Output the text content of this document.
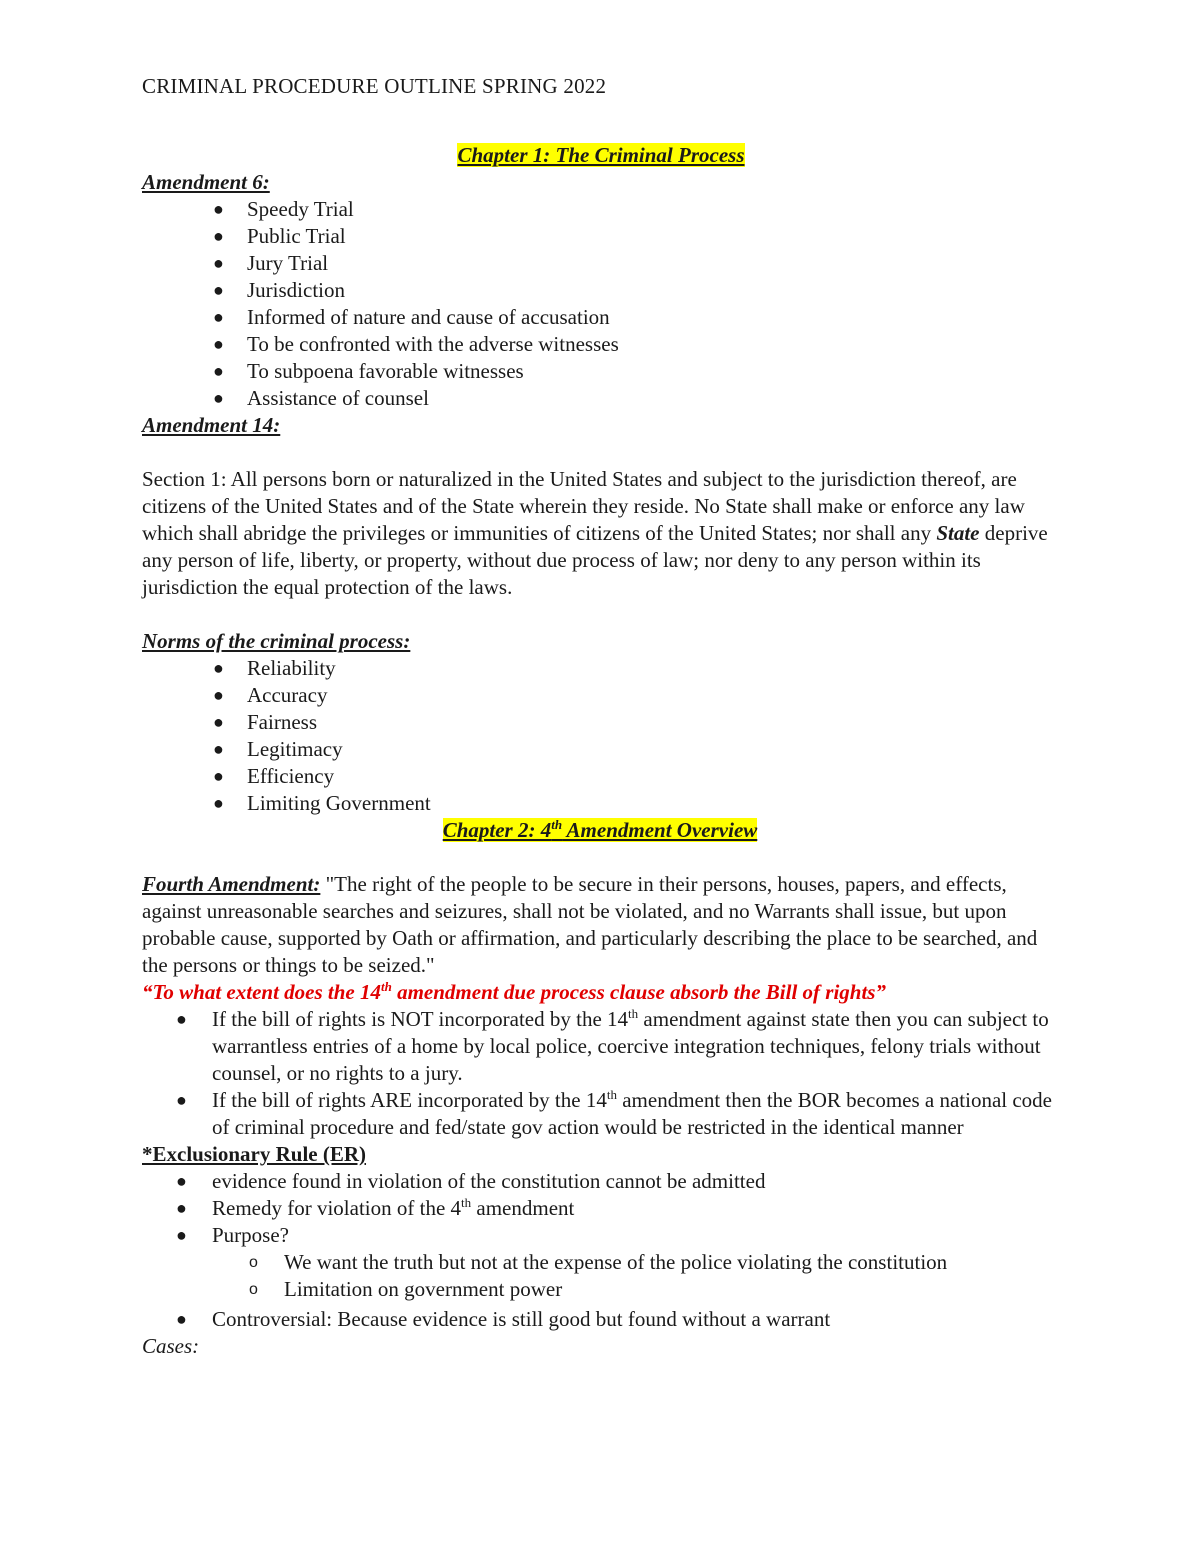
CRIMINAL PROCEDURE OUTLINE SPRING 2022

Chapter 1: The Criminal Process

Amendment 6:

● Speedy Trial
● Public Trial
● Jury Trial
● Jurisdiction
● Informed of nature and cause of accusation
● To be confronted with the adverse witnesses
● To subpoena favorable witnesses
● Assistance of counsel

Amendment 14:

Section 1: All persons born or naturalized in the United States and subject to the jurisdiction thereof, are citizens of the United States and of the State wherein they reside. No State shall make or enforce any law which shall abridge the privileges or immunities of citizens of the United States; nor shall any State deprive any person of life, liberty, or property, without due process of law; nor deny to any person within its jurisdiction the equal protection of the laws.

Norms of the criminal process:

● Reliability
● Accuracy
● Fairness
● Legitimacy
● Efficiency
● Limiting Government

Chapter 2: 4th Amendment Overview

Fourth Amendment: "The right of the people to be secure in their persons, houses, papers, and effects, against unreasonable searches and seizures, shall not be violated, and no Warrants shall issue, but upon probable cause, supported by Oath or affirmation, and particularly describing the place to be searched, and the persons or things to be seized."

“To what extent does the 14th amendment due process clause absorb the Bill of rights”

● If the bill of rights is NOT incorporated by the 14th amendment against state then you can subject to warrantless entries of a home by local police, coercive integration techniques, felony trials without counsel, or no rights to a jury.
● If the bill of rights ARE incorporated by the 14th amendment then the BOR becomes a national code of criminal procedure and fed/state gov action would be restricted in the identical manner

*Exclusionary Rule (ER)

● evidence found in violation of the constitution cannot be admitted
● Remedy for violation of the 4th amendment
● Purpose?
o We want the truth but not at the expense of the police violating the constitution
o Limitation on government power
● Controversial: Because evidence is still good but found without a warrant

Cases:
